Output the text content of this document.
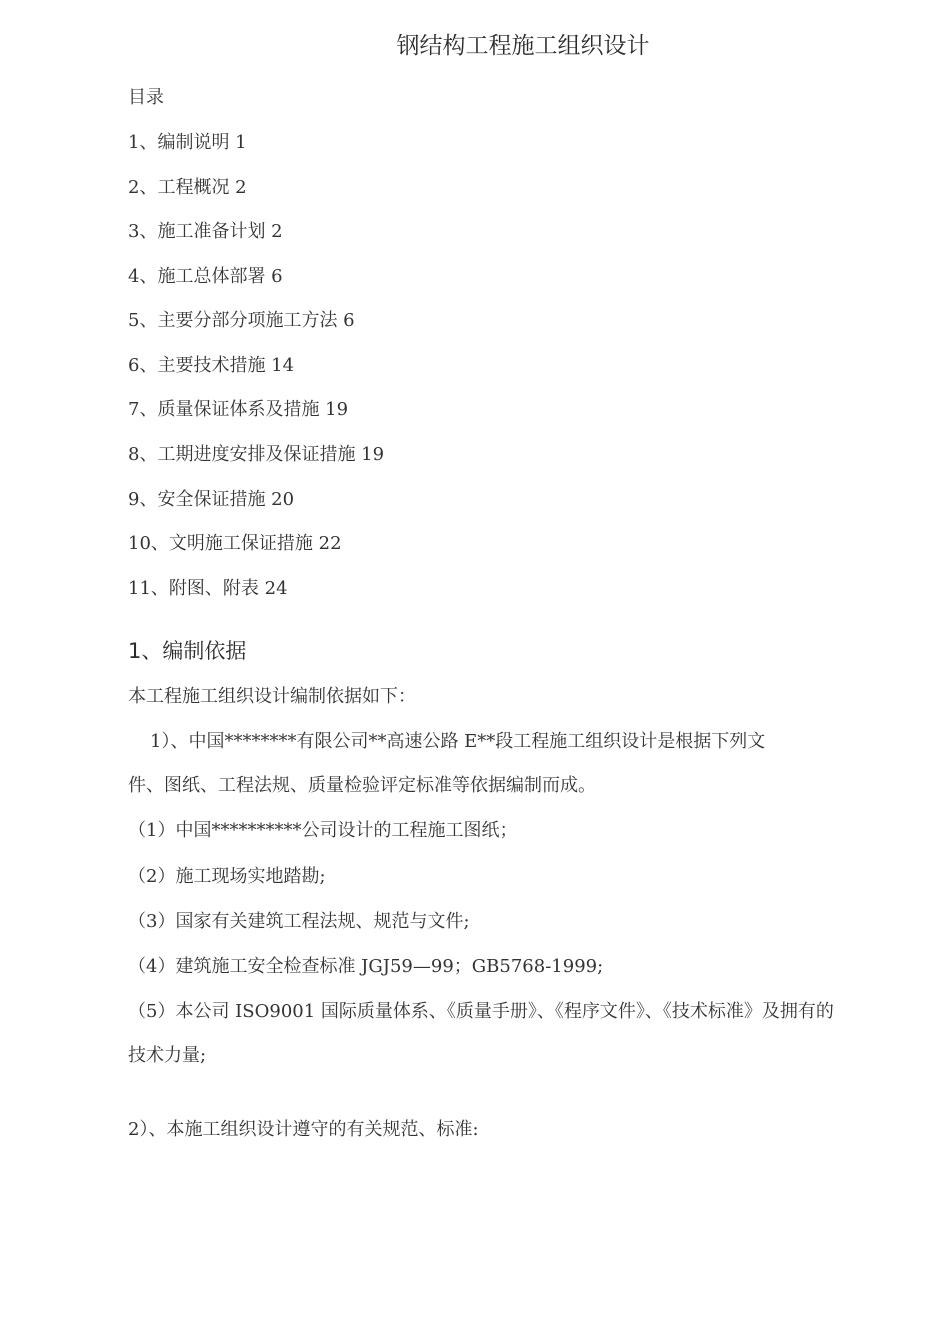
钢结构工程施工组织设计
目录
1、编制说明 1
2、工程概况 2
3、施工准备计划 2
4、施工总体部署 6
5、主要分部分项施工方法 6
6、主要技术措施 14
7、质量保证体系及措施 19
8、工期进度安排及保证措施 19
9、安全保证措施 20
10、文明施工保证措施 22
11、附图、附表 24
1、编制依据
本工程施工组织设计编制依据如下：
1）、中国********有限公司**高速公路 E**段工程施工组织设计是根据下列文
件、图纸、工程法规、质量检验评定标准等依据编制而成。
（1）中国**********公司设计的工程施工图纸；
（2）施工现场实地踏勘;
（3）国家有关建筑工程法规、规范与文件;
（4）建筑施工安全检查标准 JGJ59—99；GB5768-1999;
（5）本公司 ISO9001 国际质量体系、《质量手册》、《程序文件》、《技术标准》及拥有的
技术力量;
2）、本施工组织设计遵守的有关规范、标准:
